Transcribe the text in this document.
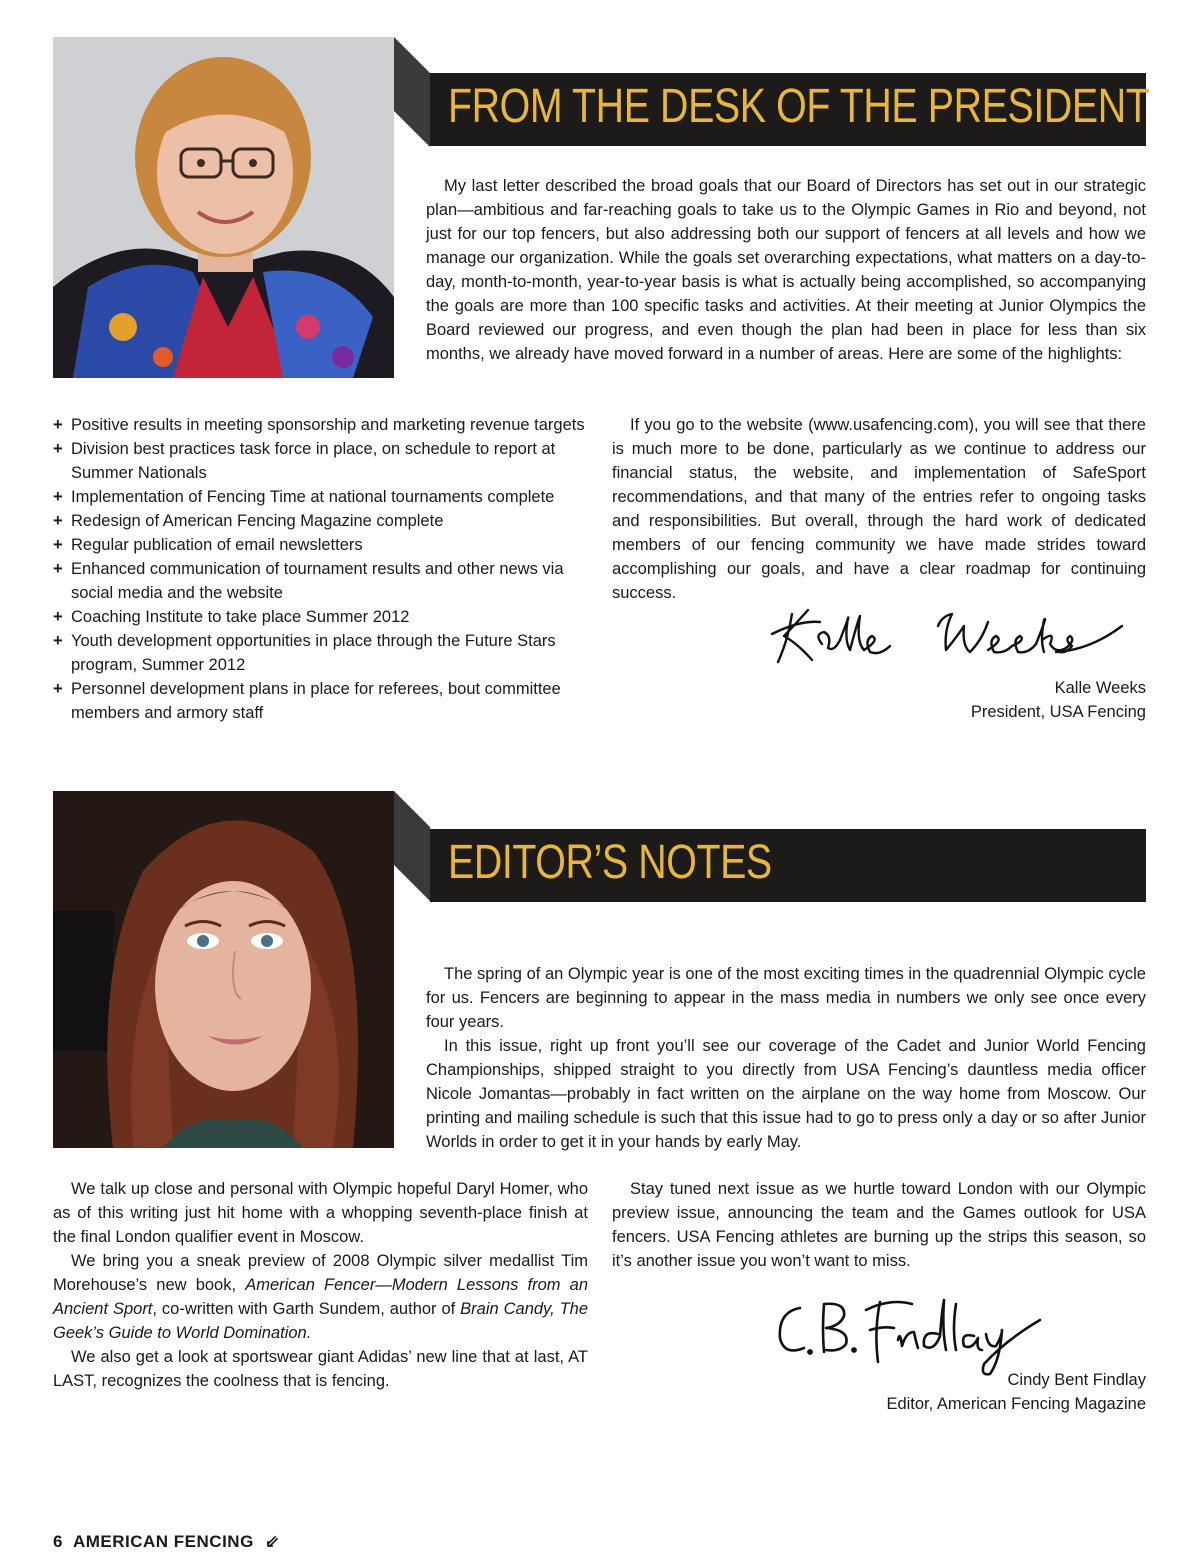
FROM THE DESK OF THE PRESIDENT

My last letter described the broad goals that our Board of Directors has set out in our strategic plan—ambitious and far-reaching goals to take us to the Olympic Games in Rio and beyond, not just for our top fencers, but also addressing both our support of fencers at all levels and how we manage our organization. While the goals set overarching expectations, what matters on a day-to-day, month-to-month, year-to-year basis is what is actually being accomplished, so accompanying the goals are more than 100 specific tasks and activities. At their meeting at Junior Olympics the Board reviewed our progress, and even though the plan had been in place for less than six months, we already have moved forward in a number of areas. Here are some of the highlights:

+ Positive results in meeting sponsorship and marketing revenue targets
+ Division best practices task force in place, on schedule to report at Summer Nationals
+ Implementation of Fencing Time at national tournaments complete
+ Redesign of American Fencing Magazine complete
+ Regular publication of email newsletters
+ Enhanced communication of tournament results and other news via social media and the website
+ Coaching Institute to take place Summer 2012
+ Youth development opportunities in place through the Future Stars program, Summer 2012
+ Personnel development plans in place for referees, bout committee members and armory staff

If you go to the website (www.usafencing.com), you will see that there is much more to be done, particularly as we continue to address our financial status, the website, and implementation of SafeSport recommendations, and that many of the entries refer to ongoing tasks and responsibilities. But overall, through the hard work of dedicated members of our fencing community we have made strides toward accomplishing our goals, and have a clear roadmap for continuing success.	Kalle Weeks
Kalle Weeks
President, USA Fencing
EDITOR’S NOTES

The spring of an Olympic year is one of the most exciting times in the quadrennial Olympic cycle for us. Fencers are beginning to appear in the mass media in numbers we only see once every four years.

In this issue, right up front you’ll see our coverage of the Cadet and Junior World Fencing Championships, shipped straight to you directly from USA Fencing’s dauntless media officer Nicole Jomantas—probably in fact written on the airplane on the way home from Moscow. Our printing and mailing schedule is such that this issue had to go to press only a day or so after Junior Worlds in order to get it in your hands by early May.

We talk up close and personal with Olympic hopeful Daryl Homer, who as of this writing just hit home with a whopping seventh-place finish at the final London qualifier event in Moscow.

We bring you a sneak preview of 2008 Olympic silver medallist Tim Morehouse’s new book, American Fencer—Modern Lessons from an Ancient Sport, co-written with Garth Sundem, author of Brain Candy, The Geek’s Guide to World Domination.

We also get a look at sportswear giant Adidas’ new line that at last, AT LAST, recognizes the coolness that is fencing.

Stay tuned next issue as we hurtle toward London with our Olympic preview issue, announcing the team and the Games outlook for USA fencers. USA Fencing athletes are burning up the strips this season, so it’s another issue you won’t want to miss.

C.B. Findlay
Cindy Bent Findlay
Editor, American Fencing Magazine
6 AMERICAN FENCING ⇙
